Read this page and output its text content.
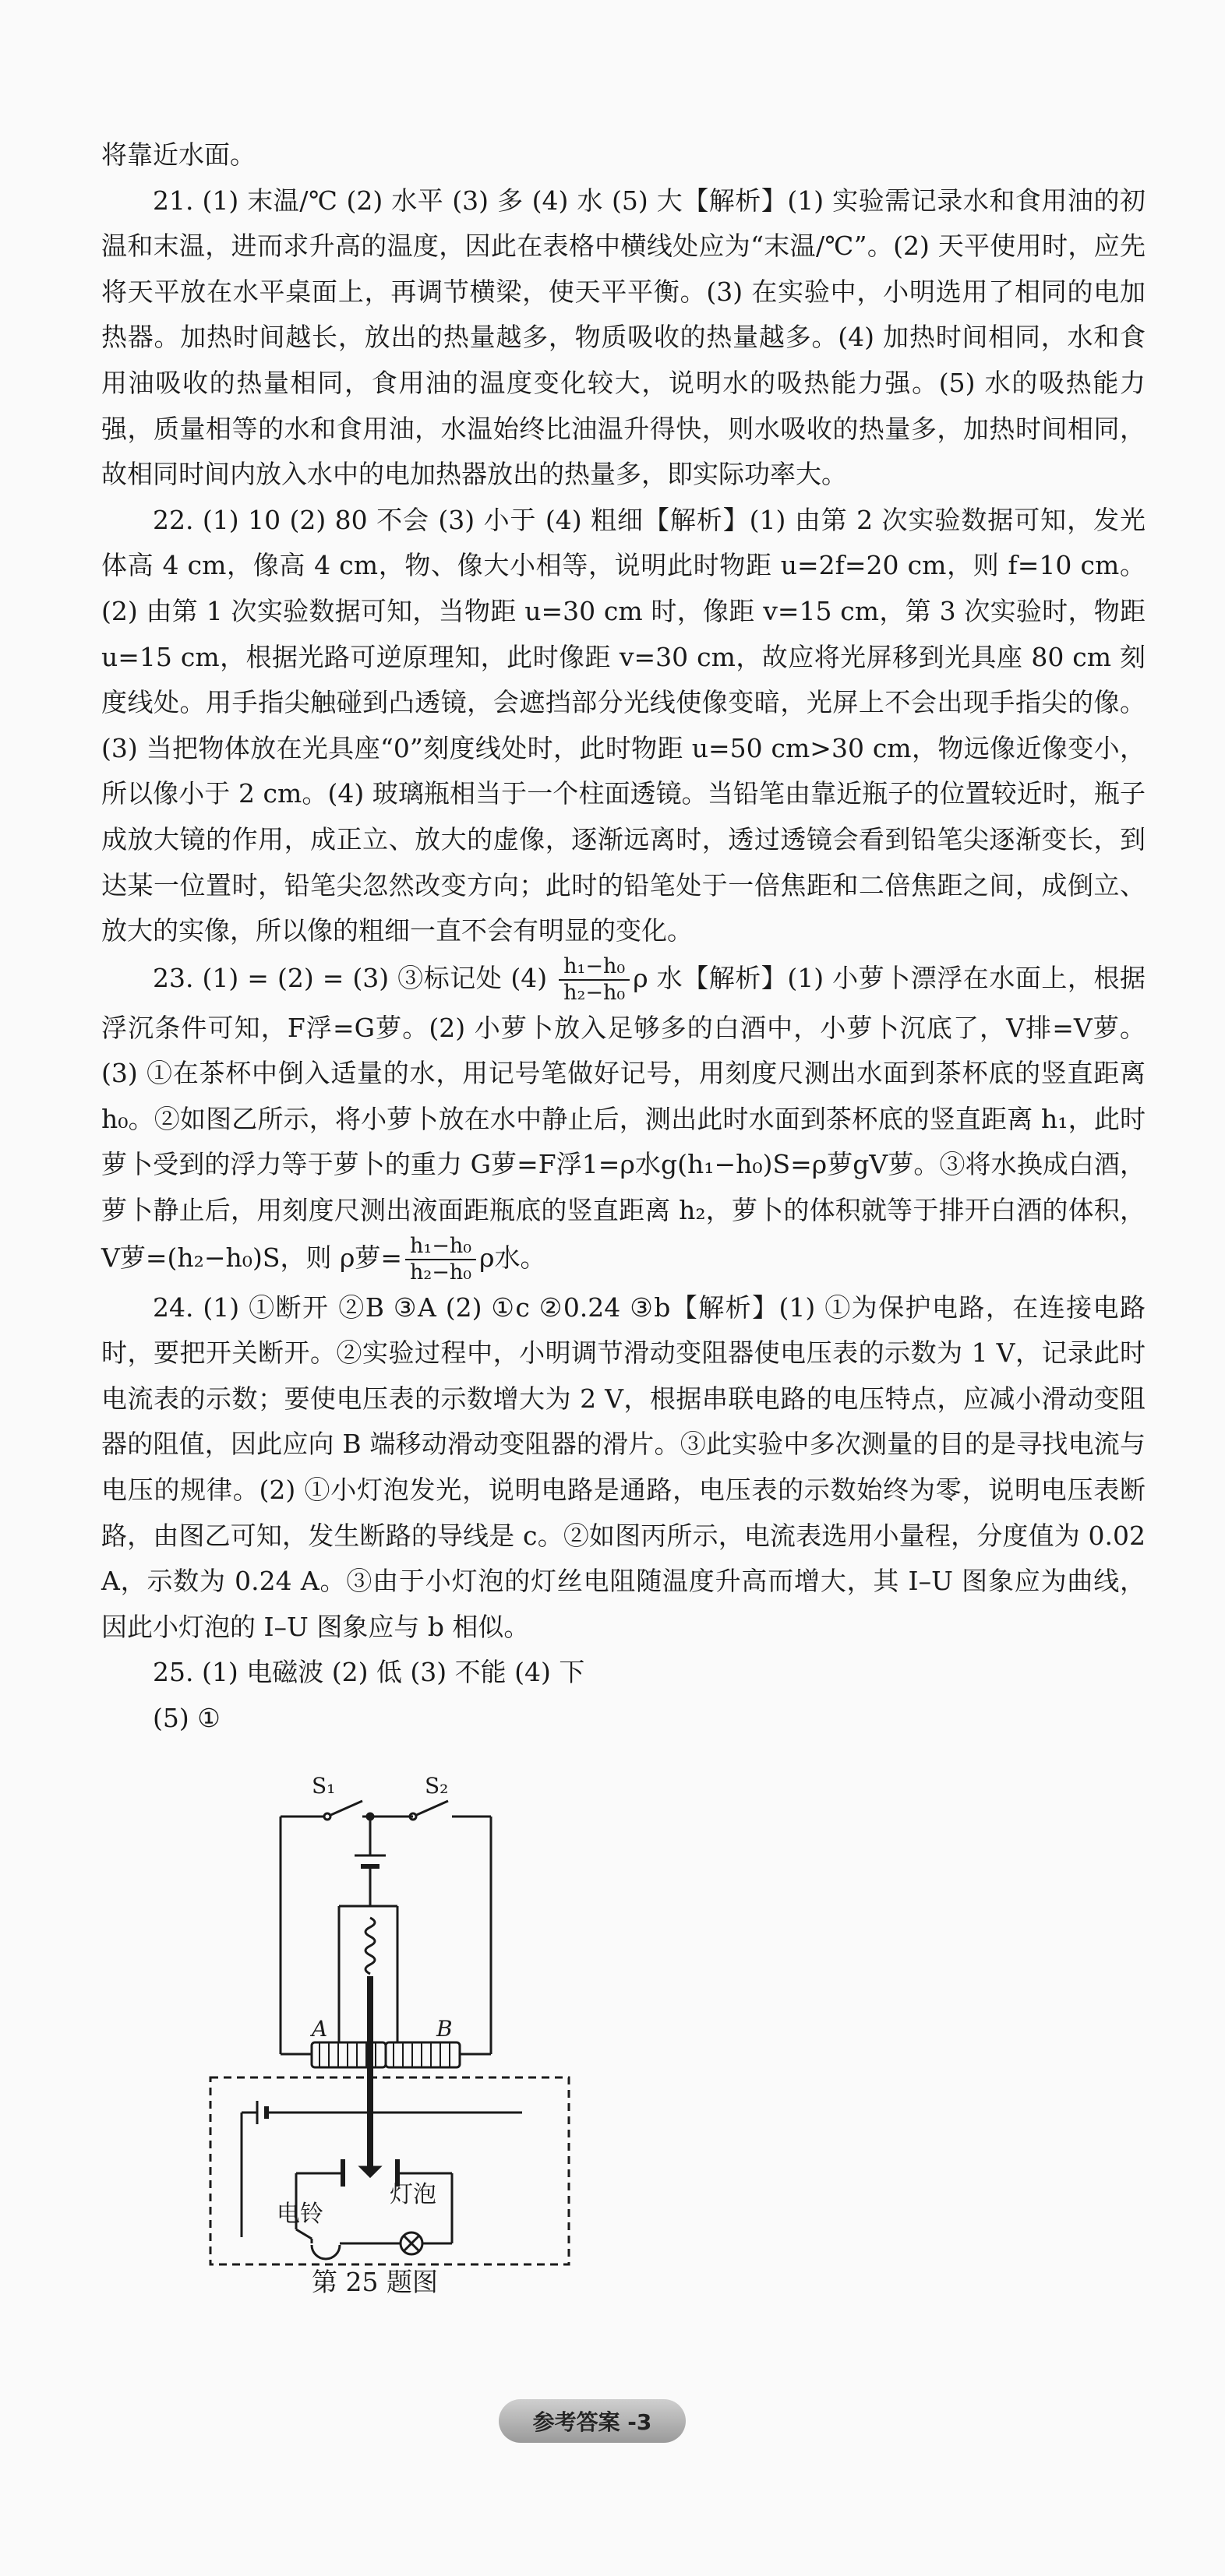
将靠近水面。

21. (1) 末温/℃ (2) 水平 (3) 多 (4) 水 (5) 大【解析】(1) 实验需记录水和食用油的初温和末温，进而求升高的温度，因此在表格中横线处应为“末温/℃”。(2) 天平使用时，应先将天平放在水平桌面上，再调节横梁，使天平平衡。(3) 在实验中，小明选用了相同的电加热器。加热时间越长，放出的热量越多，物质吸收的热量越多。(4) 加热时间相同，水和食用油吸收的热量相同，食用油的温度变化较大，说明水的吸热能力强。(5) 水的吸热能力强，质量相等的水和食用油，水温始终比油温升得快，则水吸收的热量多，加热时间相同，故相同时间内放入水中的电加热器放出的热量多，即实际功率大。

22. (1) 10 (2) 80 不会 (3) 小于 (4) 粗细【解析】(1) 由第 2 次实验数据可知，发光体高 4 cm，像高 4 cm，物、像大小相等，说明此时物距 u=2f=20 cm，则 f=10 cm。(2) 由第 1 次实验数据可知，当物距 u=30 cm 时，像距 v=15 cm，第 3 次实验时，物距 u=15 cm，根据光路可逆原理知，此时像距 v=30 cm，故应将光屏移到光具座 80 cm 刻度线处。用手指尖触碰到凸透镜，会遮挡部分光线使像变暗，光屏上不会出现手指尖的像。(3) 当把物体放在光具座“0”刻度线处时，此时物距 u=50 cm>30 cm，物远像近像变小，所以像小于 2 cm。(4) 玻璃瓶相当于一个柱面透镜。当铅笔由靠近瓶子的位置较近时，瓶子成放大镜的作用，成正立、放大的虚像，逐渐远离时，透过透镜会看到铅笔尖逐渐变长，到达某一位置时，铅笔尖忽然改变方向；此时的铅笔处于一倍焦距和二倍焦距之间，成倒立、放大的实像，所以像的粗细一直不会有明显的变化。

23. (1) = (2) = (3) ③标记处 $(4) \frac{\text{h₁−h₀}}{\text{h₂−h₀}}$ ρ 水【解析】(1) 小萝卜漂浮在水面上，根据浮沉条件可知，F浮=G萝。(2) 小萝卜放入足够多的白酒中，小萝卜沉底了，V排=V萝。(3) ①在茶杯中倒入适量的水，用记号笔做好记号，用刻度尺测出水面到茶杯底的竖直距离 h₀。②如图乙所示，将小萝卜放在水中静止后，测出此时水面到茶杯底的竖直距离 h₁，此时萝卜受到的浮力等于萝卜的重力 G萝=F浮1=ρ水g(h₁−h₀)S=ρ萝gV萝。③将水换成白酒，萝卜静止后，用刻度尺测出液面距瓶底的竖直距离 h₂，萝卜的体积就等于排开白酒的体积，V萝=(h₂−h₀)S，则 ρ萝= $\frac{\text{h₁−h₀}}{\text{h₂−h₀}}$ ρ水。

24. (1) ①断开 ②B ③A (2) ①c ②0.24 ③b【解析】(1) ①为保护电路，在连接电路时，要把开关断开。②实验过程中，小明调节滑动变阻器使电压表的示数为 1 V，记录此时电流表的示数；要使电压表的示数增大为 2 V，根据串联电路的电压特点，应减小滑动变阻器的阻值，因此应向 B 端移动滑动变阻器的滑片。③此实验中多次测量的目的是寻找电流与电压的规律。(2) ①小灯泡发光，说明电路是通路，电压表的示数始终为零，说明电压表断路，由图乙可知，发生断路的导线是 c。②如图丙所示，电流表选用小量程，分度值为 0.02 A，示数为 0.24 A。③由于小灯泡的灯丝电阻随温度升高而增大，其 I–U 图象应为曲线，因此小灯泡的 I–U 图象应与 b 相似。

25. (1) 电磁波 (2) 低 (3) 不能 (4) 下

(5) ①

S₁	S₂
A	B
电铃
灯泡
第 25 题图
参考答案 -3
